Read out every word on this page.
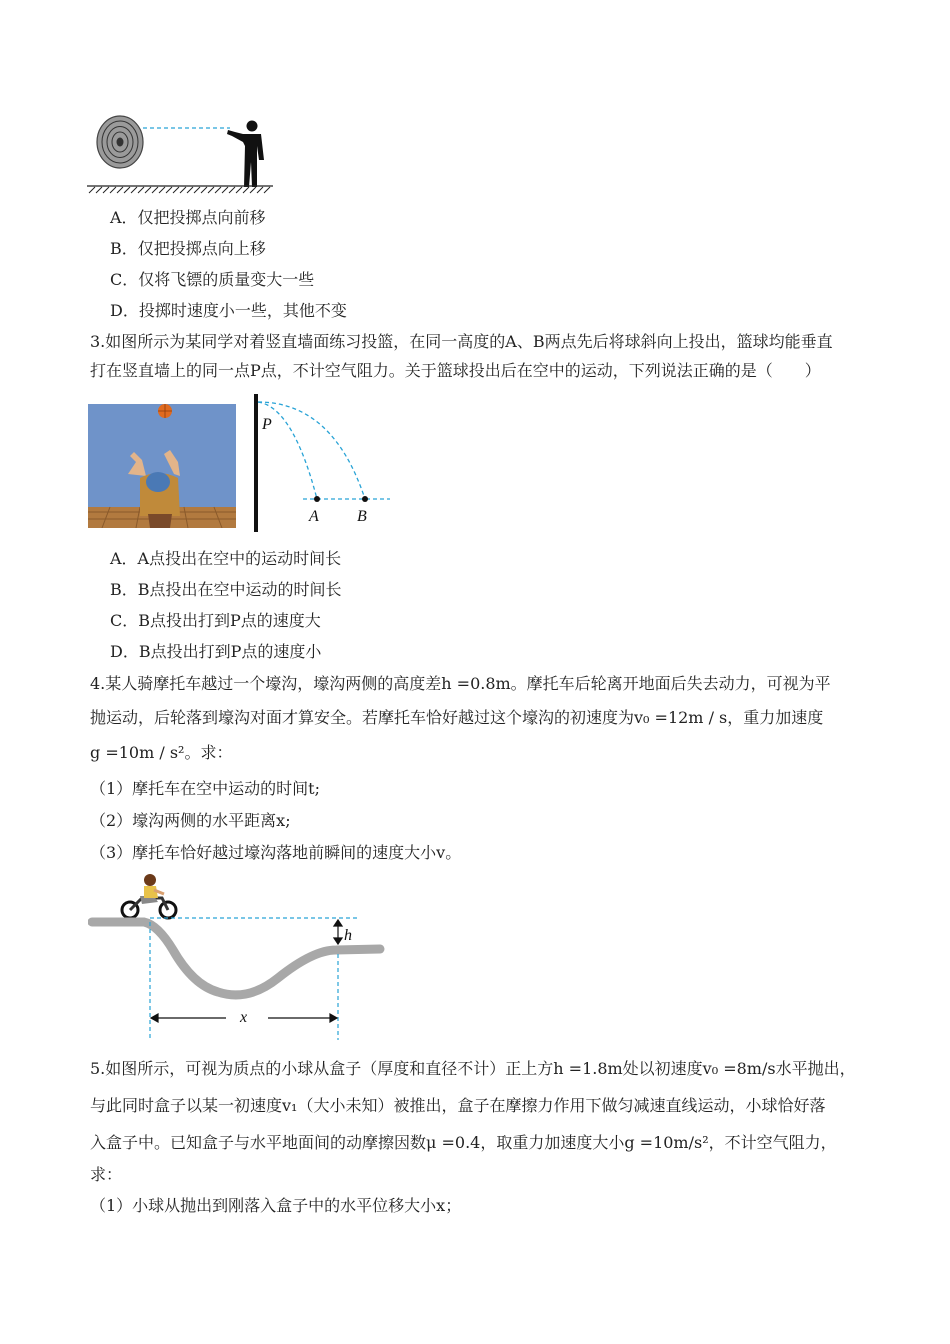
A．仅把投掷点向前移
B．仅把投掷点向上移
C．仅将飞镖的质量变大一些
D．投掷时速度小一些，其他不变
3.如图所示为某同学对着竖直墙面练习投篮，在同一高度的A、B两点先后将球斜向上投出，篮球均能垂直
打在竖直墙上的同一点P点，不计空气阻力。关于篮球投出后在空中的运动，下列说法正确的是（　　）
P
A B
A．A点投出在空中的运动时间长
B．B点投出在空中运动的时间长
C．B点投出打到P点的速度大
D．B点投出打到P点的速度小
4.某人骑摩托车越过一个壕沟，壕沟两侧的高度差h =0.8m。摩托车后轮离开地面后失去动力，可视为平
抛运动，后轮落到壕沟对面才算安全。若摩托车恰好越过这个壕沟的初速度为v₀ =12m / s，重力加速度
g =10m / s²。求：
（1）摩托车在空中运动的时间t;
（2）壕沟两侧的水平距离x;
（3）摩托车恰好越过壕沟落地前瞬间的速度大小v。
h
x
5.如图所示，可视为质点的小球从盒子（厚度和直径不计）正上方h =1.8m处以初速度v₀ =8m/s水平抛出，
与此同时盒子以某一初速度v₁（大小未知）被推出，盒子在摩擦力作用下做匀减速直线运动，小球恰好落
入盒子中。已知盒子与水平地面间的动摩擦因数μ =0.4，取重力加速度大小g =10m/s²，不计空气阻力，
求：
（1）小球从抛出到刚落入盒子中的水平位移大小x；
